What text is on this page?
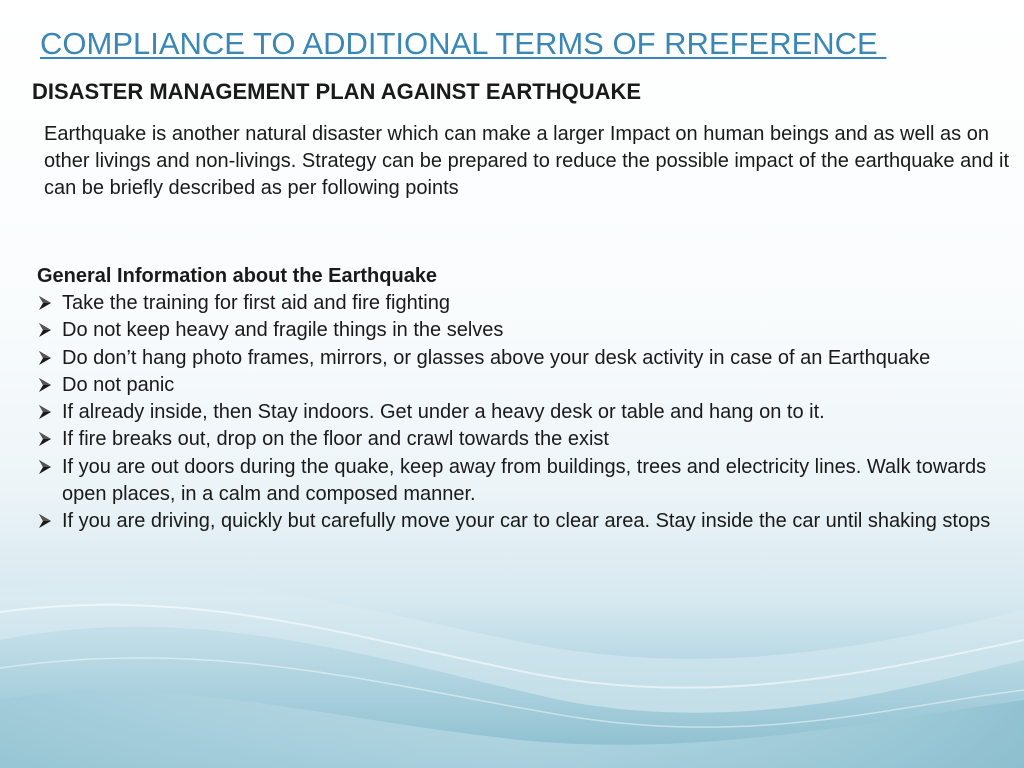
COMPLIANCE TO ADDITIONAL TERMS OF RREFERENCE
DISASTER MANAGEMENT PLAN AGAINST EARTHQUAKE

Earthquake is another natural disaster which can make a larger Impact on human beings and as well as on other livings and non-livings. Strategy can be prepared to reduce the possible impact of the earthquake and it can be briefly described as per following points

General Information about the Earthquake
Take the training for first aid and fire fighting
Do not keep heavy and fragile things in the selves
Do don’t hang photo frames, mirrors, or glasses above your desk activity in case of an Earthquake
Do not panic
If already inside, then Stay indoors. Get under a heavy desk or table and hang on to it.
If fire breaks out, drop on the floor and crawl towards the exist
If you are out doors during the quake, keep away from buildings, trees and electricity lines. Walk towards open places, in a calm and composed manner.
If you are driving, quickly but carefully move your car to clear area. Stay inside the car until shaking stops
